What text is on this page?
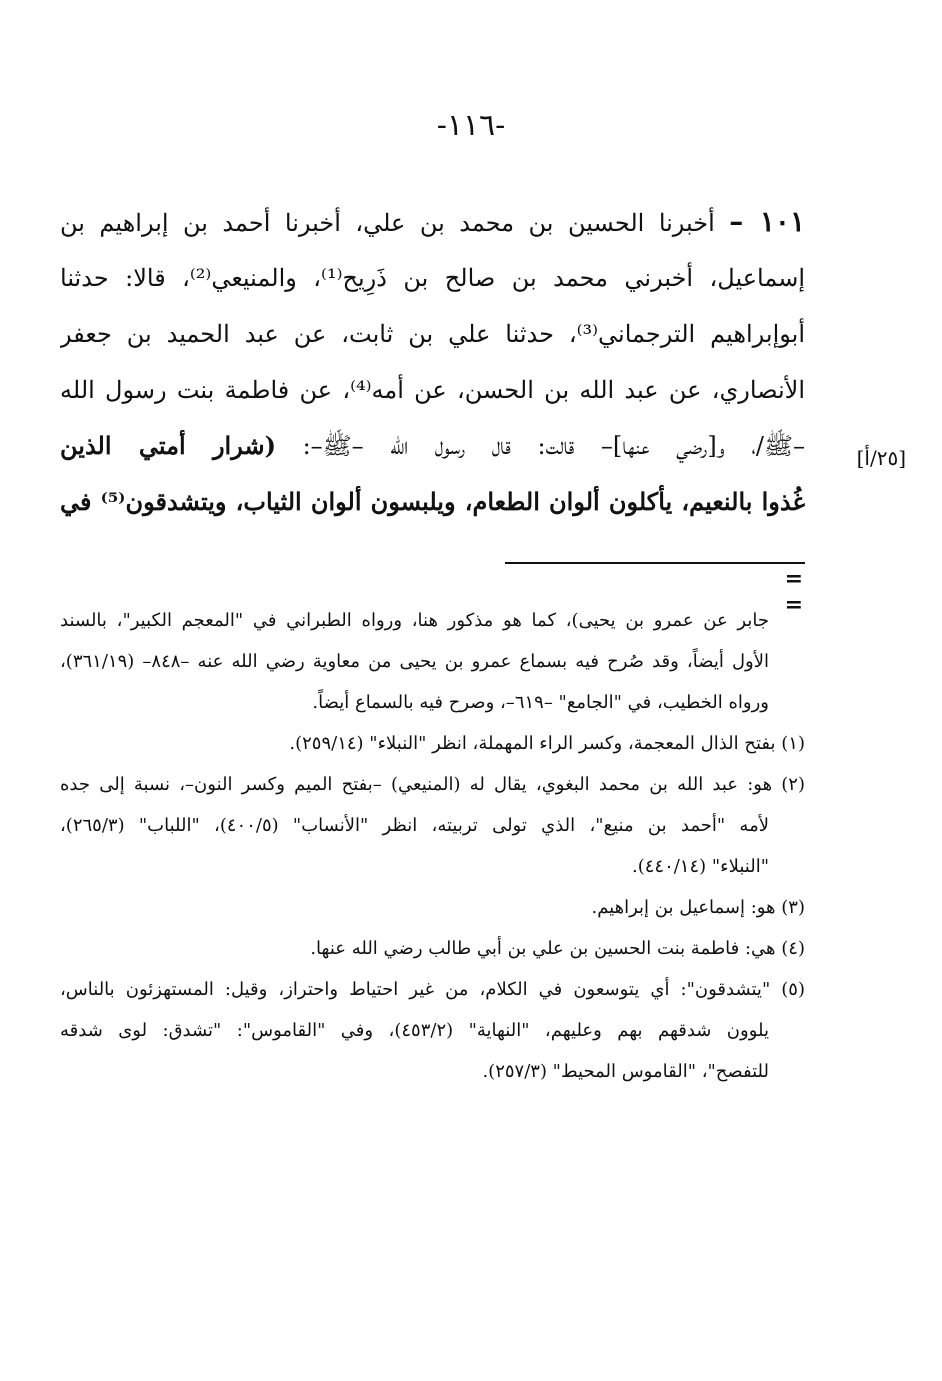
-١١٦-
١٠١ – أخبرنا الحسين بن محمد بن علي، أخبرنا أحمد بن إبراهيم بن
إسماعيل، أخبرني محمد بن صالح بن ذَرِيح⁽¹⁾، والمنيعي⁽²⁾، قالا: حدثنا
أبوإبراهيم الترجماني⁽³⁾، حدثنا علي بن ثابت، عن عبد الحميد بن جعفر
الأنصاري، عن عبد الله بن الحسن، عن أمه⁽⁴⁾، عن فاطمة بنت رسول الله
–ﷺ/، و[رضي عنها]– قالت: قال رسول الله –ﷺ–: (شرار أمتي الذين
غُذوا بالنعيم، يأكلون ألوان الطعام، ويلبسون ألوان الثياب، ويتشدقون⁽⁵⁾ في
[٢٥/أ]
= =
جابر عن عمرو بن يحيى)، كما هو مذكور هنا، ورواه الطبراني في "المعجم الكبير"، بالسند
الأول أيضاً، وقد صُرح فيه بسماع عمرو بن يحيى من معاوية رضي الله عنه –٨٤٨– (٣٦١/١٩)،
ورواه الخطيب، في "الجامع" –٦١٩–، وصرح فيه بالسماع أيضاً.
(١) بفتح الذال المعجمة، وكسر الراء المهملة، انظر "النبلاء" (٢٥٩/١٤).
(٢) هو: عبد الله بن محمد البغوي، يقال له (المنيعي) –بفتح الميم وكسر النون–، نسبة إلى جده
لأمه "أحمد بن منيع"، الذي تولى تربيته، انظر "الأنساب" (٤٠٠/٥)، "اللباب" (٢٦٥/٣)،
"النبلاء" (٤٤٠/١٤).
(٣) هو: إسماعيل بن إبراهيم.
(٤) هي: فاطمة بنت الحسين بن علي بن أبي طالب رضي الله عنها.
(٥) "يتشدقون": أي يتوسعون في الكلام، من غير احتياط واحتراز، وقيل: المستهزئون بالناس،
يلوون شدقهم بهم وعليهم، "النهاية" (٤٥٣/٢)، وفي "القاموس": "تشدق: لوى شدقه
للتفصح"، "القاموس المحيط" (٢٥٧/٣).
